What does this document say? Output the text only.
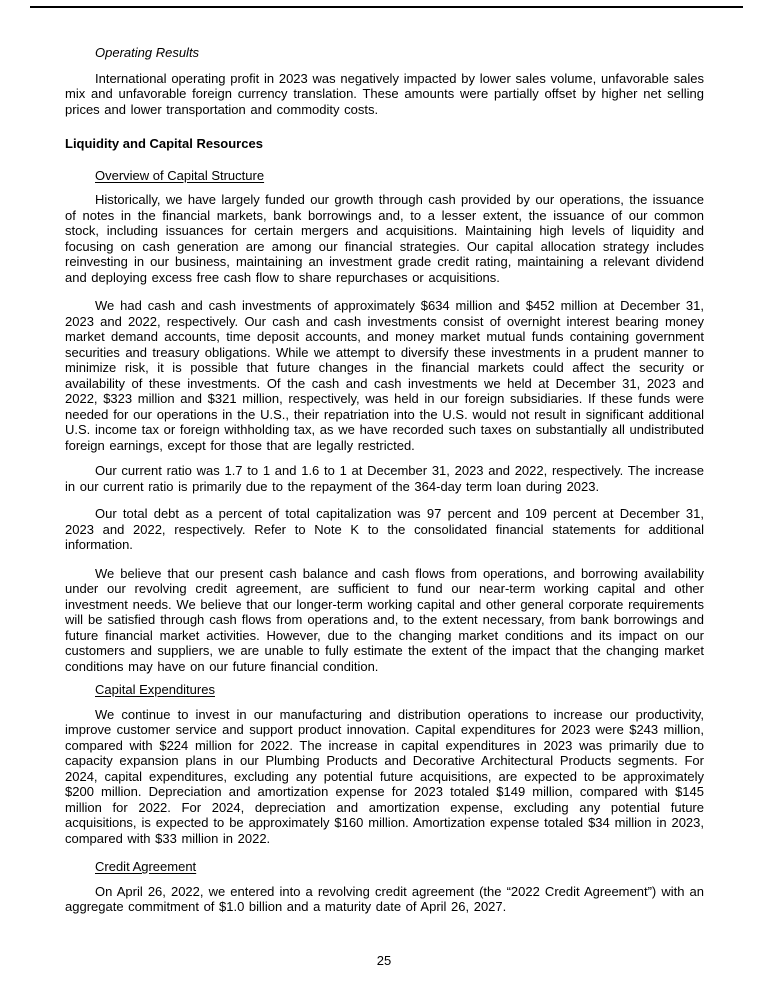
Operating Results

International operating profit in 2023 was negatively impacted by lower sales volume, unfavorable sales mix and unfavorable foreign currency translation. These amounts were partially offset by higher net selling prices and lower transportation and commodity costs.

Liquidity and Capital Resources
Overview of Capital Structure

Historically, we have largely funded our growth through cash provided by our operations, the issuance of notes in the financial markets, bank borrowings and, to a lesser extent, the issuance of our common stock, including issuances for certain mergers and acquisitions. Maintaining high levels of liquidity and focusing on cash generation are among our financial strategies. Our capital allocation strategy includes reinvesting in our business, maintaining an investment grade credit rating, maintaining a relevant dividend and deploying excess free cash flow to share repurchases or acquisitions.

We had cash and cash investments of approximately $634 million and $452 million at December 31, 2023 and 2022, respectively. Our cash and cash investments consist of overnight interest bearing money market demand accounts, time deposit accounts, and money market mutual funds containing government securities and treasury obligations. While we attempt to diversify these investments in a prudent manner to minimize risk, it is possible that future changes in the financial markets could affect the security or availability of these investments. Of the cash and cash investments we held at December 31, 2023 and 2022, $323 million and $321 million, respectively, was held in our foreign subsidiaries. If these funds were needed for our operations in the U.S., their repatriation into the U.S. would not result in significant additional U.S. income tax or foreign withholding tax, as we have recorded such taxes on substantially all undistributed foreign earnings, except for those that are legally restricted.

Our current ratio was 1.7 to 1 and 1.6 to 1 at December 31, 2023 and 2022, respectively. The increase in our current ratio is primarily due to the repayment of the 364-day term loan during 2023.

Our total debt as a percent of total capitalization was 97 percent and 109 percent at December 31, 2023 and 2022, respectively. Refer to Note K to the consolidated financial statements for additional information.

We believe that our present cash balance and cash flows from operations, and borrowing availability under our revolving credit agreement, are sufficient to fund our near-term working capital and other investment needs. We believe that our longer-term working capital and other general corporate requirements will be satisfied through cash flows from operations and, to the extent necessary, from bank borrowings and future financial market activities. However, due to the changing market conditions and its impact on our customers and suppliers, we are unable to fully estimate the extent of the impact that the changing market conditions may have on our future financial condition.

Capital Expenditures

We continue to invest in our manufacturing and distribution operations to increase our productivity, improve customer service and support product innovation. Capital expenditures for 2023 were $243 million, compared with $224 million for 2022. The increase in capital expenditures in 2023 was primarily due to capacity expansion plans in our Plumbing Products and Decorative Architectural Products segments. For 2024, capital expenditures, excluding any potential future acquisitions, are expected to be approximately $200 million. Depreciation and amortization expense for 2023 totaled $149 million, compared with $145 million for 2022. For 2024, depreciation and amortization expense, excluding any potential future acquisitions, is expected to be approximately $160 million. Amortization expense totaled $34 million in 2023, compared with $33 million in 2022.

Credit Agreement

On April 26, 2022, we entered into a revolving credit agreement (the “2022 Credit Agreement”) with an aggregate commitment of $1.0 billion and a maturity date of April 26, 2027.

25
